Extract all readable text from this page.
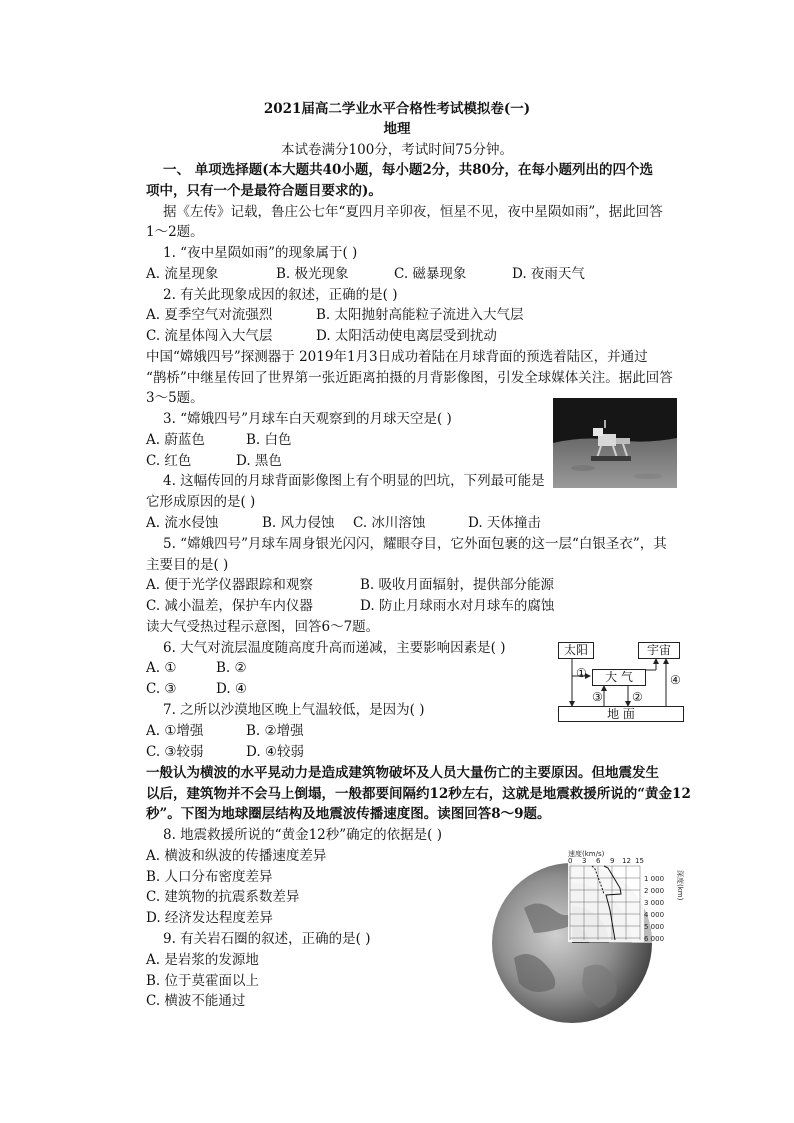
2021届高二学业水平合格性考试模拟卷(一)
地理
本试卷满分100分，考试时间75分钟。
一、 单项选择题(本大题共40小题，每小题2分，共80分，在每小题列出的四个选
项中，只有一个是最符合题目要求的)。
据《左传》记载，鲁庄公七年“夏四月辛卯夜，恒星不见，夜中星陨如雨”，据此回答
1～2题。
1. “夜中星陨如雨”的现象属于( )
A. 流星现象	B. 极光现象	C. 磁暴现象	D. 夜雨天气
2. 有关此现象成因的叙述，正确的是( )
A. 夏季空气对流强烈	B. 太阳抛射高能粒子流进入大气层
C. 流星体闯入大气层	D. 太阳活动使电离层受到扰动
中国“嫦娥四号”探测器于 2019年1月3日成功着陆在月球背面的预选着陆区，并通过
“鹊桥”中继星传回了世界第一张近距离拍摄的月背影像图，引发全球媒体关注。据此回答
3～5题。
3. “嫦娥四号”月球车白天观察到的月球天空是( )
A. 蔚蓝色	B. 白色
C. 红色	D. 黑色
4. 这幅传回的月球背面影像图上有个明显的凹坑，下列最可能是
它形成原因的是( )
A. 流水侵蚀	B. 风力侵蚀 C. 冰川溶蚀	D. 天体撞击
5. “嫦娥四号”月球车周身银光闪闪，耀眼夺目，它外面包裹的这一层“白银圣衣”，其
主要目的是( )
A. 便于光学仪器跟踪和观察	B. 吸收月面辐射，提供部分能源
C. 减小温差，保护车内仪器	D. 防止月球雨水对月球车的腐蚀
读大气受热过程示意图，回答6～7题。
6. 大气对流层温度随高度升高而递减，主要影响因素是( )
A. ①	B. ②
C. ③	D. ④
7. 之所以沙漠地区晚上气温较低，是因为( )
A. ①增强	B. ②增强
C. ③较弱	D. ④较弱
太阳	宇宙
大 气
地 面
①
②
③
④
一般认为横波的水平晃动力是造成建筑物破坏及人员大量伤亡的主要原因。但地震发生
以后，建筑物并不会马上倒塌，一般都要间隔约12秒左右，这就是地震救援所说的“黄金12
秒”。下图为地球圈层结构及地震波传播速度图。读图回答8～9题。
8. 地震救援所说的“黄金12秒”确定的依据是( )
A. 横波和纵波的传播速度差异
B. 人口分布密度差异
C. 建筑物的抗震系数差异
D. 经济发达程度差异
9. 有关岩石圈的叙述，正确的是( )
A. 是岩浆的发源地
B. 位于莫霍面以上
C. 横波不能通过
速度(km/s)
0 3 6 9 12 15
1 000
2 000
3 000
4 000
5 000
6 000
深度(km)
